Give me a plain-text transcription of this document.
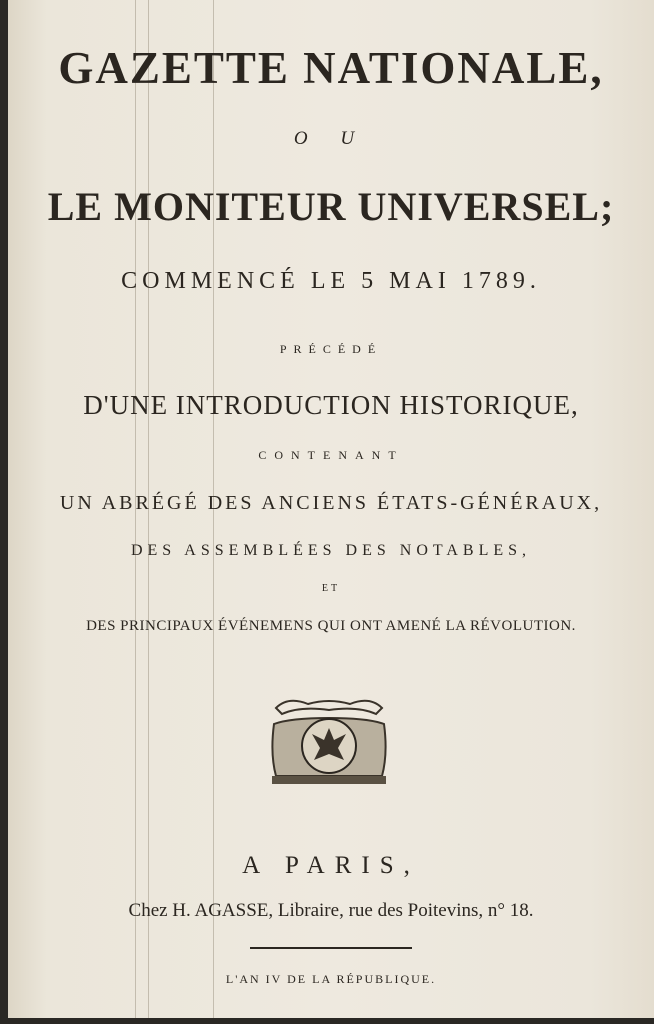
GAZETTE NATIONALE,
O U
LE MONITEUR UNIVERSEL;
COMMENCÉ LE 5 MAI 1789.
PRÉCÉDÉ
D'UNE INTRODUCTION HISTORIQUE,
CONTENANT
UN ABRÉGÉ DES ANCIENS ÉTATS-GÉNÉRAUX,
DES ASSEMBLÉES DES NOTABLES,
ET
DES PRINCIPAUX ÉVÉNEMENS QUI ONT AMENÉ LA RÉVOLUTION.
A PARIS,
Chez H. AGASSE, Libraire, rue des Poitevins, n° 18.
L'AN IV DE LA RÉPUBLIQUE.
